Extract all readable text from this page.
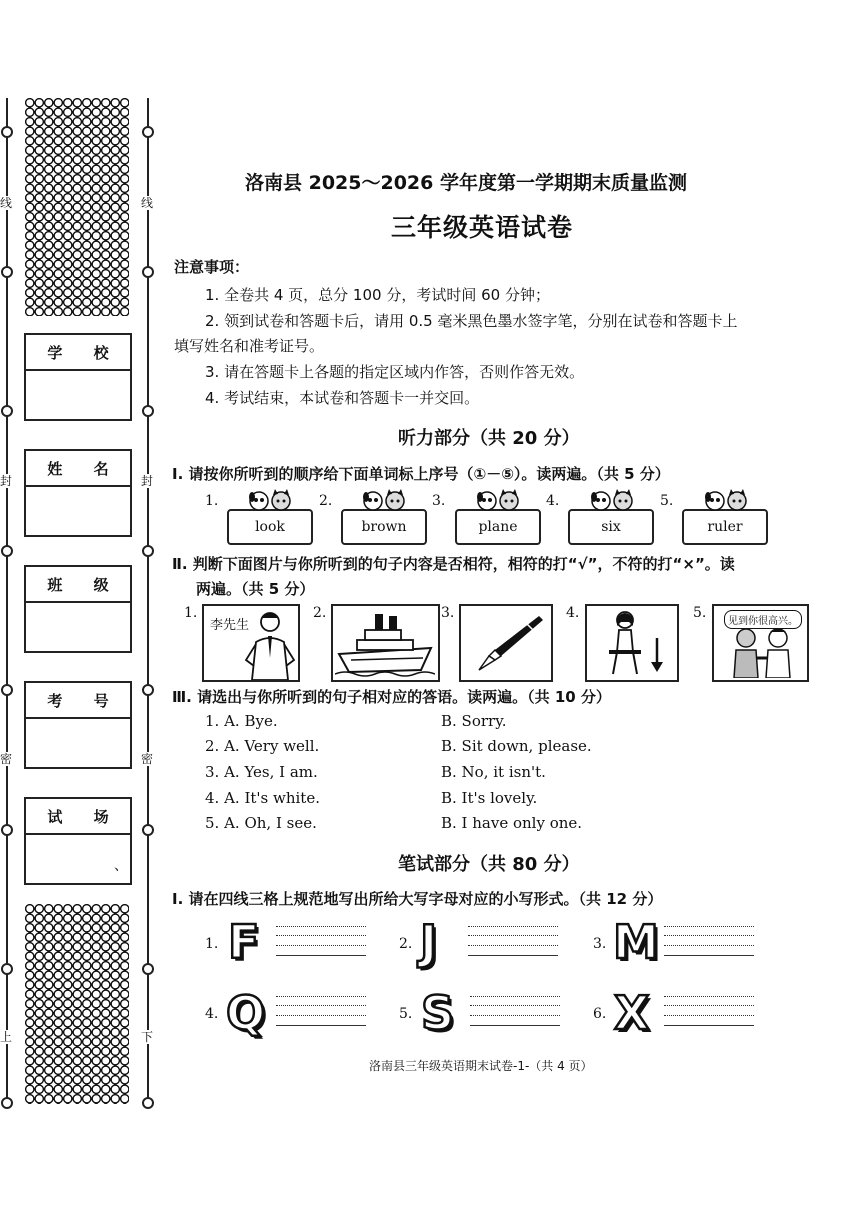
线
封
密
上
线
封
密
下
学
校
姓
名
班
级
考
号
试
场
、
洛南县 2025～2026 学年度第一学期期末质量监测
三年级英语试卷
注意事项：
1. 全卷共 4 页，总分 100 分，考试时间 60 分钟；
2. 领到试卷和答题卡后，请用 0.5 毫米黑色墨水签字笔，分别在试卷和答题卡上
填写姓名和准考证号。
3. 请在答题卡上各题的指定区域内作答，否则作答无效。
4. 考试结束，本试卷和答题卡一并交回。
听力部分（共 20 分）
Ⅰ. 请按你所听到的顺序给下面单词标上序号（①－⑤）。读两遍。（共 5 分）
1.
look
2.
brown
3.
plane
4.
six
5.
ruler
Ⅱ. 判断下面图片与你所听到的句子内容是否相符，相符的打“√”，不符的打“×”。读
两遍。（共 5 分）
1.
李先生
2.	3.	4.	5.
见到你很高兴。
Ⅲ. 请选出与你所听到的句子相对应的答语。读两遍。（共 10 分）
1. A. Bye.	B. Sorry.
2. A. Very well.	B. Sit down, please.
3. A. Yes, I am.	B. No, it isn't.
4. A. It's white.	B. It's lovely.
5. A. Oh, I see.	B. I have only one.
笔试部分（共 80 分）
Ⅰ. 请在四线三格上规范地写出所给大写字母对应的小写形式。（共 12 分）
1. F	2. J	3. M
4. Q	5. S	6. X
洛南县三年级英语期末试卷-1-（共 4 页）
